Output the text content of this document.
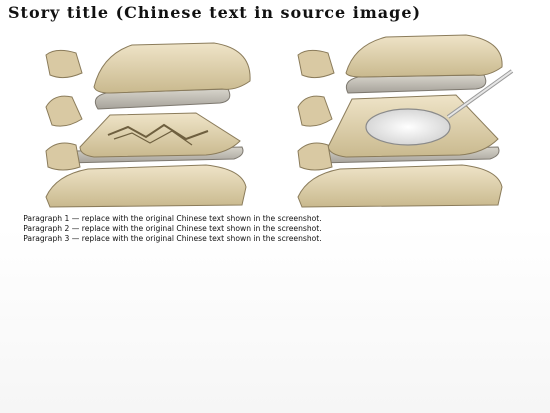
Story title (Chinese text in source image)

Paragraph 1 — replace with the original Chinese text shown in the screenshot.

Paragraph 2 — replace with the original Chinese text shown in the screenshot.

Paragraph 3 — replace with the original Chinese text shown in the screenshot.
